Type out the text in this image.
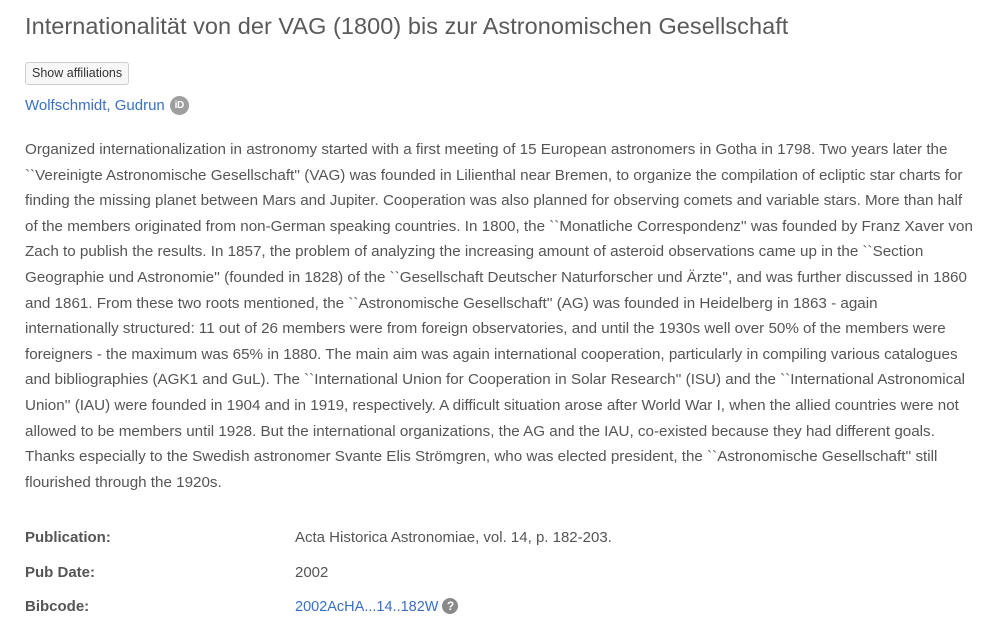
Internationalität von der VAG (1800) bis zur Astronomischen Gesellschaft
Show affiliations
Wolfschmidt, Gudrun iD

Organized internationalization in astronomy started with a first meeting of 15 European astronomers in Gotha in 1798. Two years later the ``Vereinigte Astronomische Gesellschaft'' (VAG) was founded in Lilienthal near Bremen, to organize the compilation of ecliptic star charts for finding the missing planet between Mars and Jupiter. Cooperation was also planned for observing comets and variable stars. More than half of the members originated from non-German speaking countries. In 1800, the ``Monatliche Correspondenz'' was founded by Franz Xaver von Zach to publish the results. In 1857, the problem of analyzing the increasing amount of asteroid observations came up in the ``Section Geographie und Astronomie'' (founded in 1828) of the ``Gesellschaft Deutscher Naturforscher und Ärzte'', and was further discussed in 1860 and 1861. From these two roots mentioned, the ``Astronomische Gesellschaft'' (AG) was founded in Heidelberg in 1863 - again internationally structured: 11 out of 26 members were from foreign observatories, and until the 1930s well over 50% of the members were foreigners - the maximum was 65% in 1880. The main aim was again international cooperation, particularly in compiling various catalogues and bibliographies (AGK1 and GuL). The ``International Union for Cooperation in Solar Research'' (ISU) and the ``International Astronomical Union'' (IAU) were founded in 1904 and in 1919, respectively. A difficult situation arose after World War I, when the allied countries were not allowed to be members until 1928. But the international organizations, the AG and the IAU, co-existed because they had different goals. Thanks especially to the Swedish astronomer Svante Elis Strömgren, who was elected president, the ``Astronomische Gesellschaft'' still flourished through the 1920s.

Publication:	Acta Historica Astronomiae, vol. 14, p. 182-203.
Pub Date:	2002
Bibcode:	2002AcHA...14..182W ?
